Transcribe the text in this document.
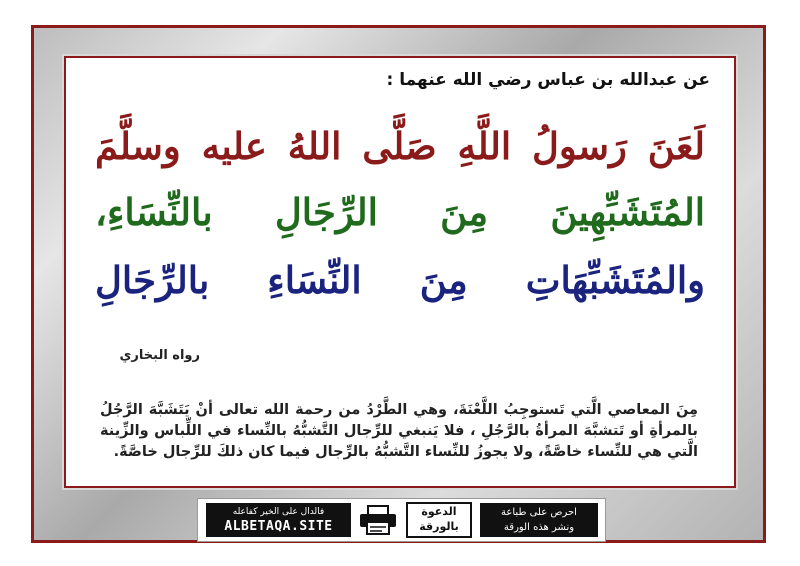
عن عبدالله بن عباس رضي الله عنهما :
لَعَنَ رَسولُ اللَّهِ صَلَّى اللهُ عليه وسلَّمَ
المُتَشَبِّهِينَ مِنَ الرِّجَالِ بالنِّسَاءِ،
والمُتَشَبِّهَاتِ مِنَ النِّسَاءِ بالرِّجَالِ
رواه البخاري
مِنَ المعاصي الَّتي تَستوجِبُ اللَّعْنَةَ، وهي الطَّرْدُ من رحمة الله تعالى أنْ يَتَشَبَّهَ الرَّجُلُ بالمرأةِ أو تَتشبَّهَ المرأةُ بالرَّجُلِ ، فلا يَنبغي للرِّجال التَّشبُّهُ بالنِّساء في اللِّباس والزِّينة الَّتي هي للنِّساء خاصَّةً، ولا يجوزُ للنِّساء التَّشبُّهُ بالرِّجال فيما كان ذلكَ للرِّجال خاصَّةً.
فالدال على الخير كفاعله
ALBETAQA.SITE
الدعوة
بالورقة
احرص على طباعة
ونشر هذه الورقة
